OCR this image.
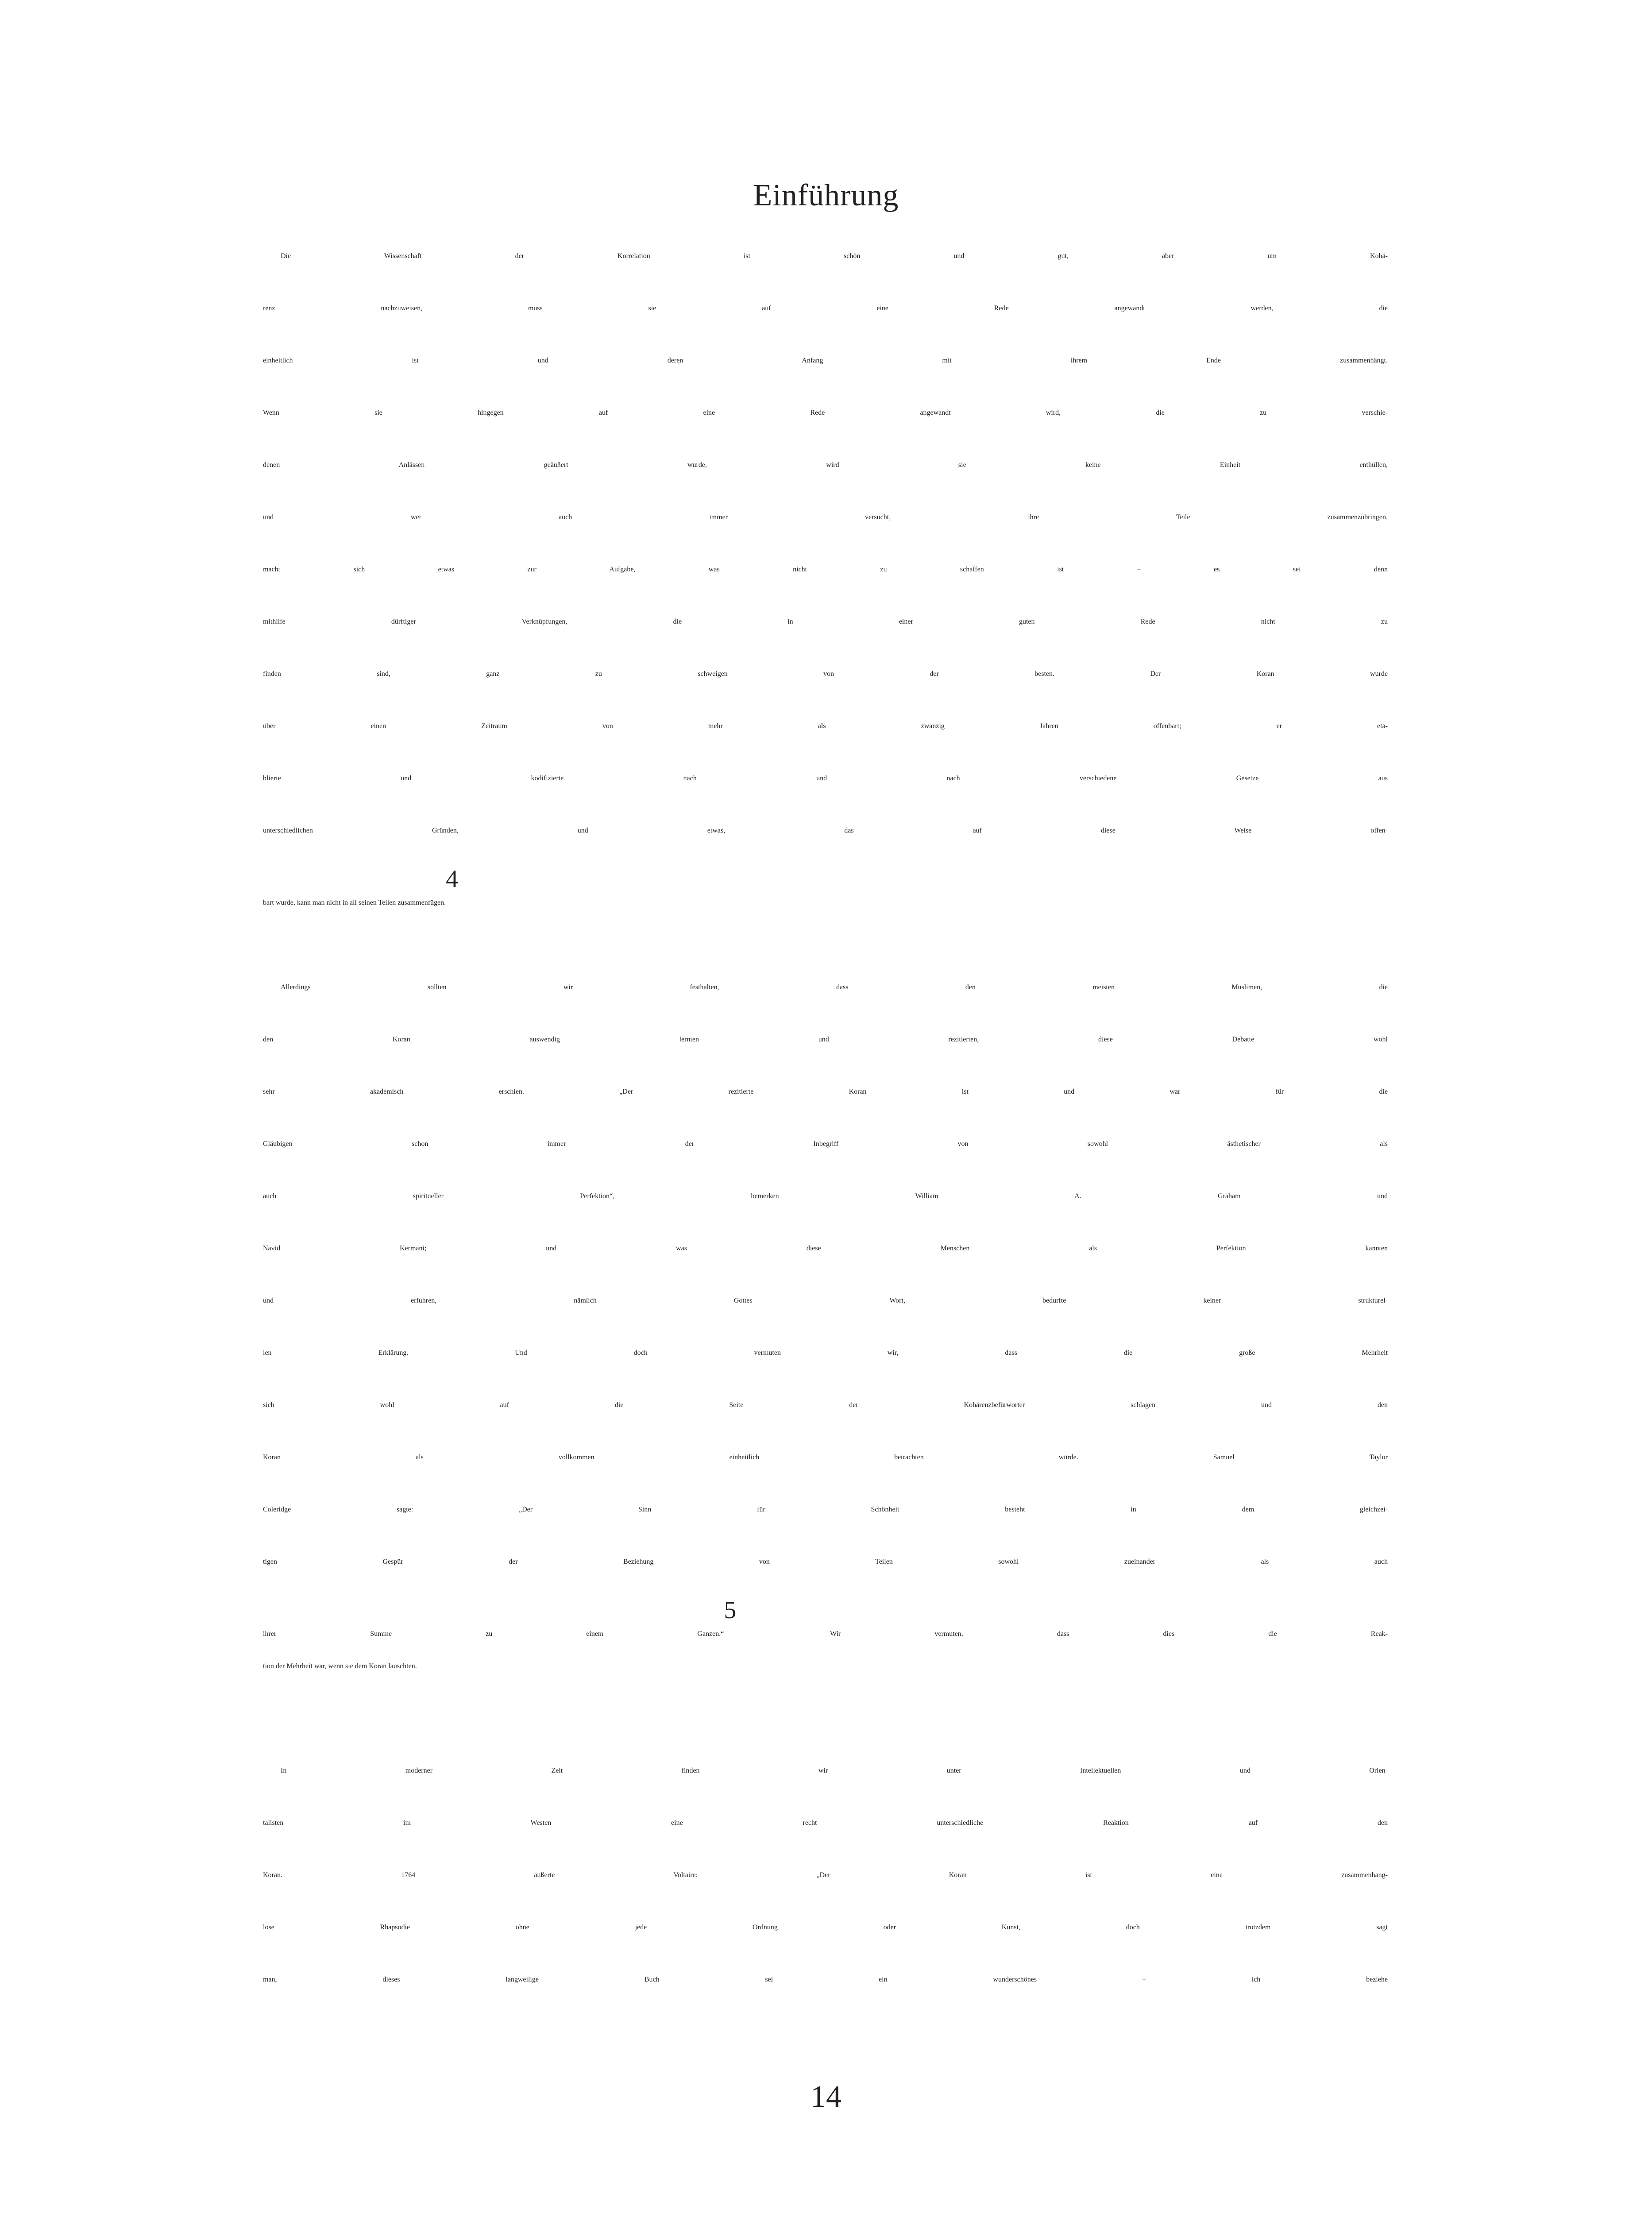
Einführung
Die Wissenschaft der Korrelation ist schön und gut, aber um Kohä-
renz nachzuweisen, muss sie auf eine Rede angewandt werden, die
einheitlich ist und deren Anfang mit ihrem Ende zusammenhängt.
Wenn sie hingegen auf eine Rede angewandt wird, die zu verschie-
denen Anlässen geäußert wurde, wird sie keine Einheit enthüllen,
und wer auch immer versucht, ihre Teile zusammenzubringen,
macht sich etwas zur Aufgabe, was nicht zu schaffen ist – es sei denn
mithilfe dürftiger Verknüpfungen, die in einer guten Rede nicht zu
finden sind, ganz zu schweigen von der besten. Der Koran wurde
über einen Zeitraum von mehr als zwanzig Jahren offenbart; er eta-
blierte und kodifizierte nach und nach verschiedene Gesetze aus
unterschiedlichen Gründen, und etwas, das auf diese Weise offen-
bart wurde, kann man nicht in all seinen Teilen zusammenfügen.$^4$
Allerdings sollten wir festhalten, dass den meisten Muslimen, die
den Koran auswendig lernten und rezitierten, diese Debatte wohl
sehr akademisch erschien. „Der rezitierte Koran ist und war für die
Gläubigen schon immer der Inbegriff von sowohl ästhetischer als
auch spiritueller Perfektion“, bemerken William A. Graham und
Navid Kermani; und was diese Menschen als Perfektion kannten
und erfuhren, nämlich Gottes Wort, bedurfte keiner strukturel-
len Erklärung. Und doch vermuten wir, dass die große Mehrheit
sich wohl auf die Seite der Kohärenzbefürworter schlagen und den
Koran als vollkommen einheitlich betrachten würde. Samuel Taylor
Coleridge sagte: „Der Sinn für Schönheit besteht in dem gleichzei-
tigen Gespür der Beziehung von Teilen sowohl zueinander als auch
ihrer Summe zu einem Ganzen.“$^5$ Wir vermuten, dass dies die Reak-
tion der Mehrheit war, wenn sie dem Koran lauschten.
In moderner Zeit finden wir unter Intellektuellen und Orien-
talisten im Westen eine recht unterschiedliche Reaktion auf den
Koran. 1764 äußerte Voltaire: „Der Koran ist eine zusammenhang-
lose Rhapsodie ohne jede Ordnung oder Kunst, doch trotzdem sagt
man, dieses langweilige Buch sei ein wunderschönes – ich beziehe
14
